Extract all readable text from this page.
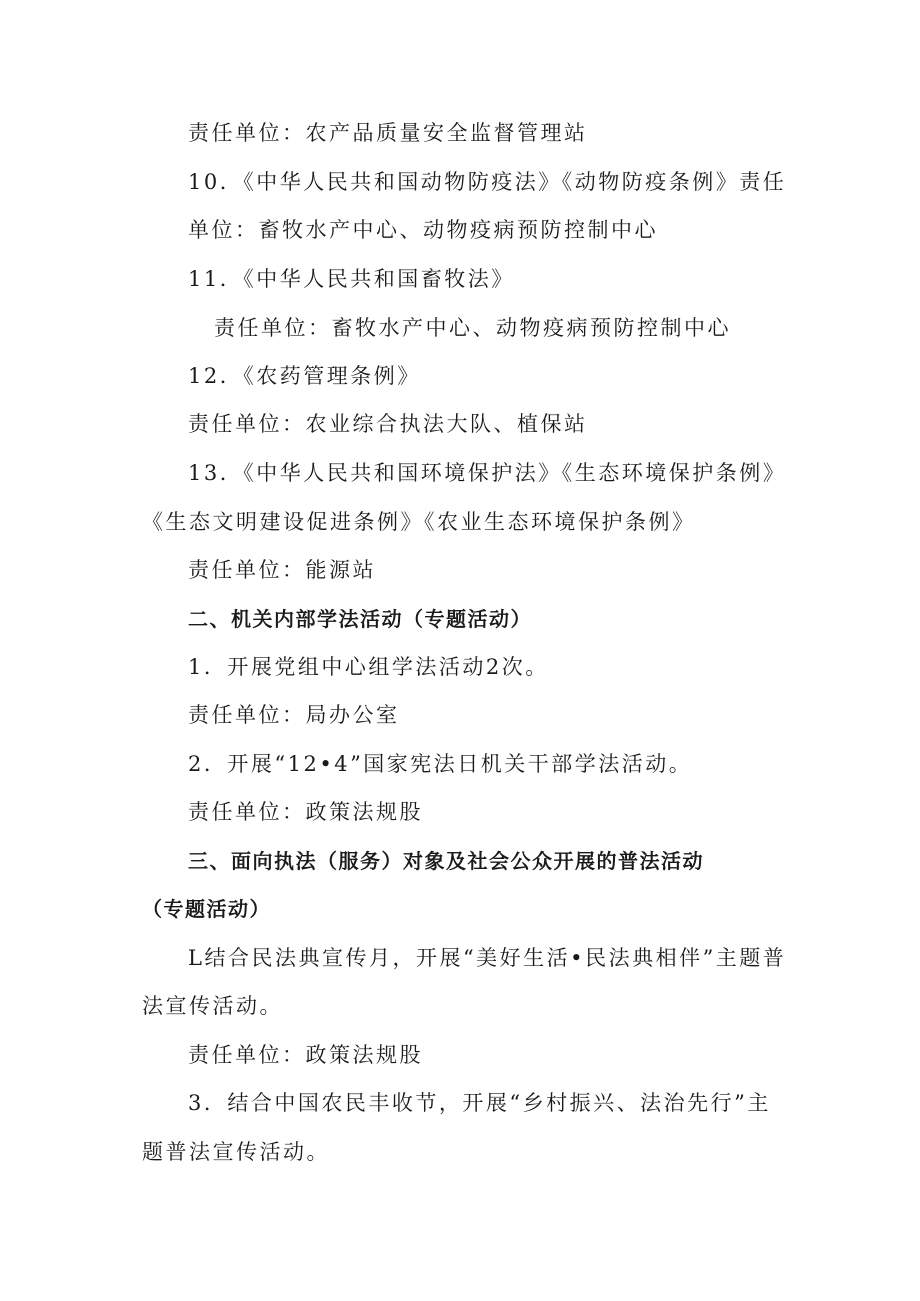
责任单位：农产品质量安全监督管理站
10．《中华人民共和国动物防疫法》《动物防疫条例》责任
单位：畜牧水产中心、动物疫病预防控制中心
11．《中华人民共和国畜牧法》
责任单位：畜牧水产中心、动物疫病预防控制中心
12．《农药管理条例》
责任单位：农业综合执法大队、植保站
13．《中华人民共和国环境保护法》《生态环境保护条例》
《生态文明建设促进条例》《农业生态环境保护条例》
责任单位：能源站
二、机关内部学法活动（专题活动）
1．开展党组中心组学法活动2次。
责任单位：局办公室
2．开展“12•4”国家宪法日机关干部学法活动。
责任单位：政策法规股
三、面向执法（服务）对象及社会公众开展的普法活动
（专题活动）
L结合民法典宣传月，开展“美好生活•民法典相伴”主题普
法宣传活动。
责任单位：政策法规股
3．结合中国农民丰收节，开展“乡村振兴、法治先行”主
题普法宣传活动。
